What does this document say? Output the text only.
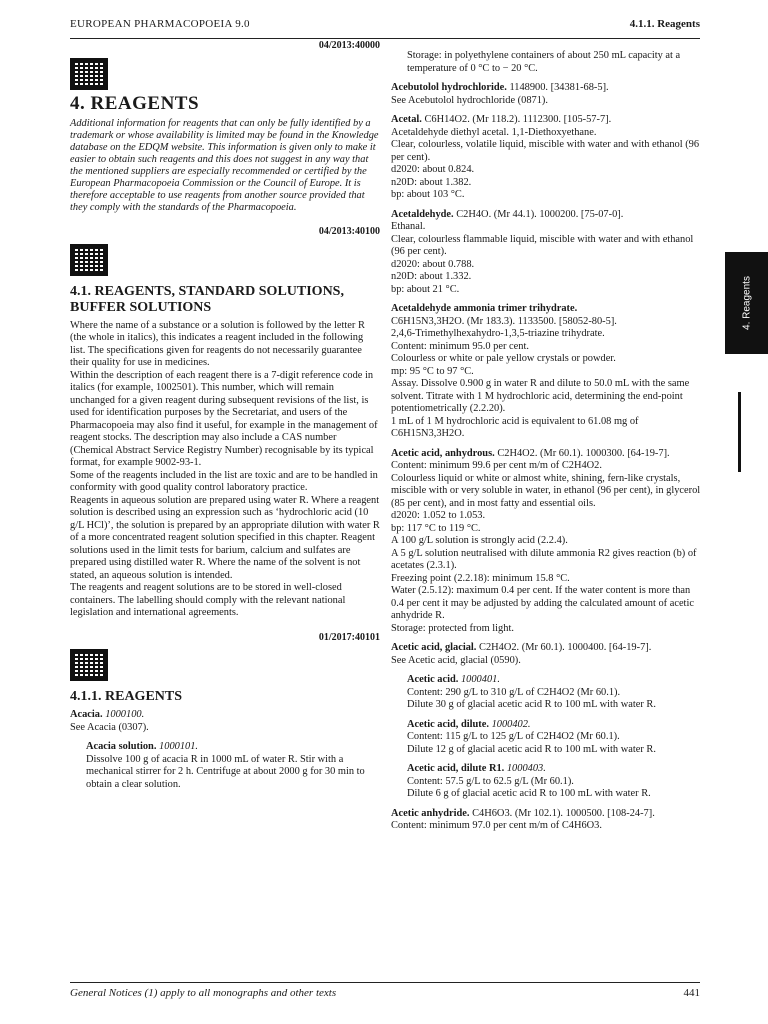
EUROPEAN PHARMACOPOEIA 9.0	4.1.1. Reagents
4. Reagents

04/2013:40000

4. REAGENTS

Additional information for reagents that can only be fully identified by a trademark or whose availability is limited may be found in the Knowledge database on the EDQM website. This information is given only to make it easier to obtain such reagents and this does not suggest in any way that the mentioned suppliers are especially recommended or certified by the European Pharmacopoeia Commission or the Council of Europe. It is therefore acceptable to use reagents from another source provided that they comply with the standards of the Pharmacopoeia.

04/2013:40100

4.1. REAGENTS, STANDARD SOLUTIONS, BUFFER SOLUTIONS

Where the name of a substance or a solution is followed by the letter R (the whole in italics), this indicates a reagent included in the following list. The specifications given for reagents do not necessarily guarantee their quality for use in medicines.

Within the description of each reagent there is a 7-digit reference code in italics (for example, 1002501). This number, which will remain unchanged for a given reagent during subsequent revisions of the list, is used for identification purposes by the Secretariat, and users of the Pharmacopoeia may also find it useful, for example in the management of reagent stocks. The description may also include a CAS number (Chemical Abstract Service Registry Number) recognisable by its typical format, for example 9002-93-1.

Some of the reagents included in the list are toxic and are to be handled in conformity with good quality control laboratory practice.

Reagents in aqueous solution are prepared using water R. Where a reagent solution is described using an expression such as ‘hydrochloric acid (10 g/L HCl)’, the solution is prepared by an appropriate dilution with water R of a more concentrated reagent solution specified in this chapter. Reagent solutions used in the limit tests for barium, calcium and sulfates are prepared using distilled water R. Where the name of the solvent is not stated, an aqueous solution is intended.

The reagents and reagent solutions are to be stored in well-closed containers. The labelling should comply with the relevant national legislation and international agreements.

01/2017:40101

4.1.1. REAGENTS

Acacia. 1000100.

See Acacia (0307).

Acacia solution. 1000101.

Dissolve 100 g of acacia R in 1000 mL of water R. Stir with a mechanical stirrer for 2 h. Centrifuge at about 2000 g for 30 min to obtain a clear solution.

Storage: in polyethylene containers of about 250 mL capacity at a temperature of 0 °C to − 20 °C.

Acebutolol hydrochloride. 1148900. [34381-68-5].

See Acebutolol hydrochloride (0871).

Acetal. C6H14O2. (Mr 118.2). 1112300. [105-57-7].

Acetaldehyde diethyl acetal. 1,1-Diethoxyethane.

Clear, colourless, volatile liquid, miscible with water and with ethanol (96 per cent).

d2020: about 0.824.

n20D: about 1.382.

bp: about 103 °C.

Acetaldehyde. C2H4O. (Mr 44.1). 1000200. [75-07-0].

Ethanal.

Clear, colourless flammable liquid, miscible with water and with ethanol (96 per cent).

d2020: about 0.788.

n20D: about 1.332.

bp: about 21 °C.

Acetaldehyde ammonia trimer trihydrate.

C6H15N3,3H2O. (Mr 183.3). 1133500. [58052-80-5].

2,4,6-Trimethylhexahydro-1,3,5-triazine trihydrate.

Content: minimum 95.0 per cent.

Colourless or white or pale yellow crystals or powder.

mp: 95 °C to 97 °C.

Assay. Dissolve 0.900 g in water R and dilute to 50.0 mL with the same solvent. Titrate with 1 M hydrochloric acid, determining the end-point potentiometrically (2.2.20).

1 mL of 1 M hydrochloric acid is equivalent to 61.08 mg of C6H15N3,3H2O.

Acetic acid, anhydrous. C2H4O2. (Mr 60.1). 1000300. [64-19-7].

Content: minimum 99.6 per cent m/m of C2H4O2.

Colourless liquid or white or almost white, shining, fern-like crystals, miscible with or very soluble in water, in ethanol (96 per cent), in glycerol (85 per cent), and in most fatty and essential oils.

d2020: 1.052 to 1.053.

bp: 117 °C to 119 °C.

A 100 g/L solution is strongly acid (2.2.4).

A 5 g/L solution neutralised with dilute ammonia R2 gives reaction (b) of acetates (2.3.1).

Freezing point (2.2.18): minimum 15.8 °C.

Water (2.5.12): maximum 0.4 per cent. If the water content is more than 0.4 per cent it may be adjusted by adding the calculated amount of acetic anhydride R.

Storage: protected from light.

Acetic acid, glacial. C2H4O2. (Mr 60.1). 1000400. [64-19-7].

See Acetic acid, glacial (0590).

Acetic acid. 1000401.

Content: 290 g/L to 310 g/L of C2H4O2 (Mr 60.1).

Dilute 30 g of glacial acetic acid R to 100 mL with water R.

Acetic acid, dilute. 1000402.

Content: 115 g/L to 125 g/L of C2H4O2 (Mr 60.1).

Dilute 12 g of glacial acetic acid R to 100 mL with water R.

Acetic acid, dilute R1. 1000403.

Content: 57.5 g/L to 62.5 g/L (Mr 60.1).

Dilute 6 g of glacial acetic acid R to 100 mL with water R.

Acetic anhydride. C4H6O3. (Mr 102.1). 1000500. [108-24-7].

Content: minimum 97.0 per cent m/m of C4H6O3.

General Notices (1) apply to all monographs and other texts	441
